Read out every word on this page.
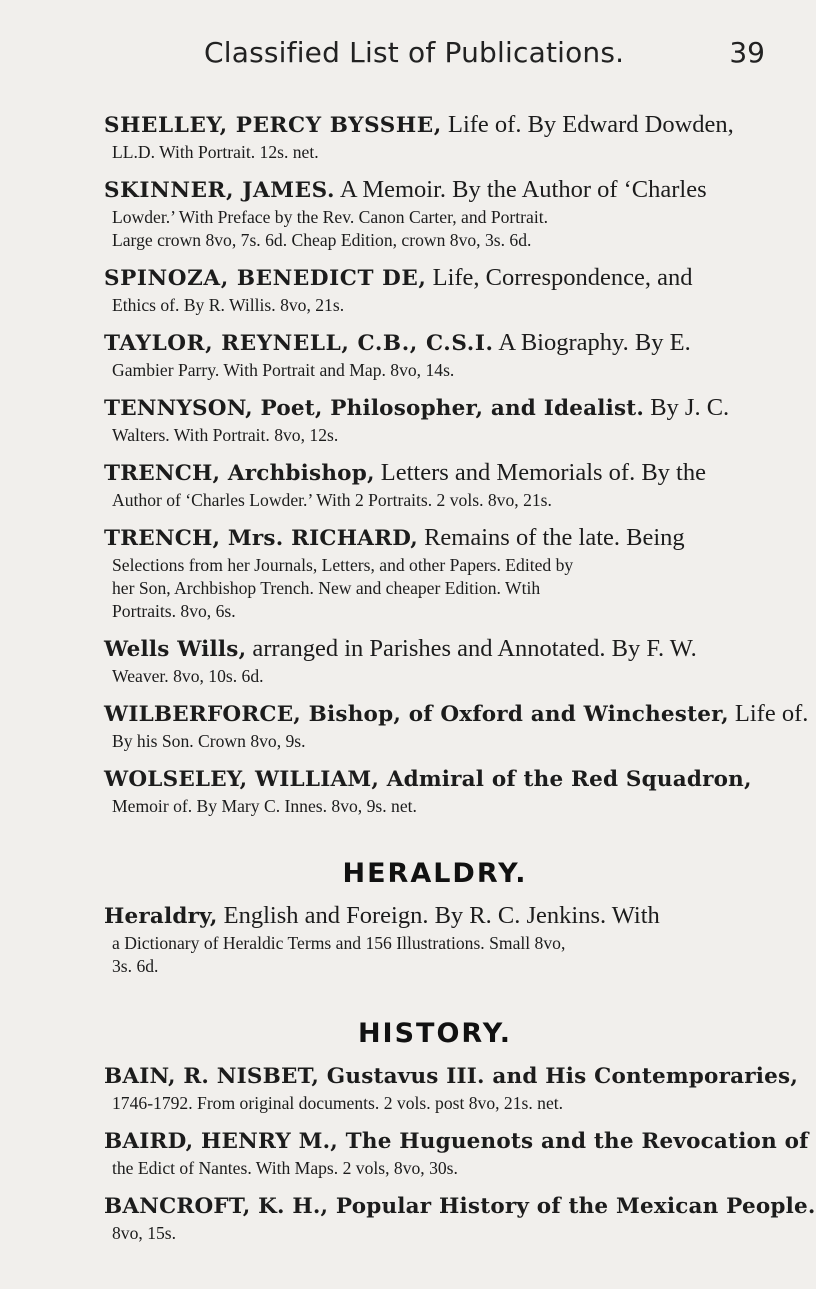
Classified List of Publications.	39
SHELLEY, PERCY BYSSHE, Life of. By Edward Dowden,
LL.D. With Portrait. 12s. net.
SKINNER, JAMES. A Memoir. By the Author of ‘Charles
Lowder.’ With Preface by the Rev. Canon Carter, and Portrait.
Large crown 8vo, 7s. 6d. Cheap Edition, crown 8vo, 3s. 6d.
SPINOZA, BENEDICT DE, Life, Correspondence, and
Ethics of. By R. Willis. 8vo, 21s.
TAYLOR, REYNELL, C.B., C.S.I. A Biography. By E.
Gambier Parry. With Portrait and Map. 8vo, 14s.
TENNYSON, Poet, Philosopher, and Idealist. By J. C.
Walters. With Portrait. 8vo, 12s.
TRENCH, Archbishop, Letters and Memorials of. By the
Author of ‘Charles Lowder.’ With 2 Portraits. 2 vols. 8vo, 21s.
TRENCH, Mrs. RICHARD, Remains of the late. Being
Selections from her Journals, Letters, and other Papers. Edited by
her Son, Archbishop Trench. New and cheaper Edition. Wtih
Portraits. 8vo, 6s.
Wells Wills, arranged in Parishes and Annotated. By F. W.
Weaver. 8vo, 10s. 6d.
WILBERFORCE, Bishop, of Oxford and Winchester, Life of.
By his Son. Crown 8vo, 9s.
WOLSELEY, WILLIAM, Admiral of the Red Squadron,
Memoir of. By Mary C. Innes. 8vo, 9s. net.
HERALDRY.
Heraldry, English and Foreign. By R. C. Jenkins. With
a Dictionary of Heraldic Terms and 156 Illustrations. Small 8vo,
3s. 6d.
HISTORY.
BAIN, R. NISBET, Gustavus III. and His Contemporaries,
1746-1792. From original documents. 2 vols. post 8vo, 21s. net.
BAIRD, HENRY M., The Huguenots and the Revocation of
the Edict of Nantes. With Maps. 2 vols, 8vo, 30s.
BANCROFT, K. H., Popular History of the Mexican People.
8vo, 15s.
